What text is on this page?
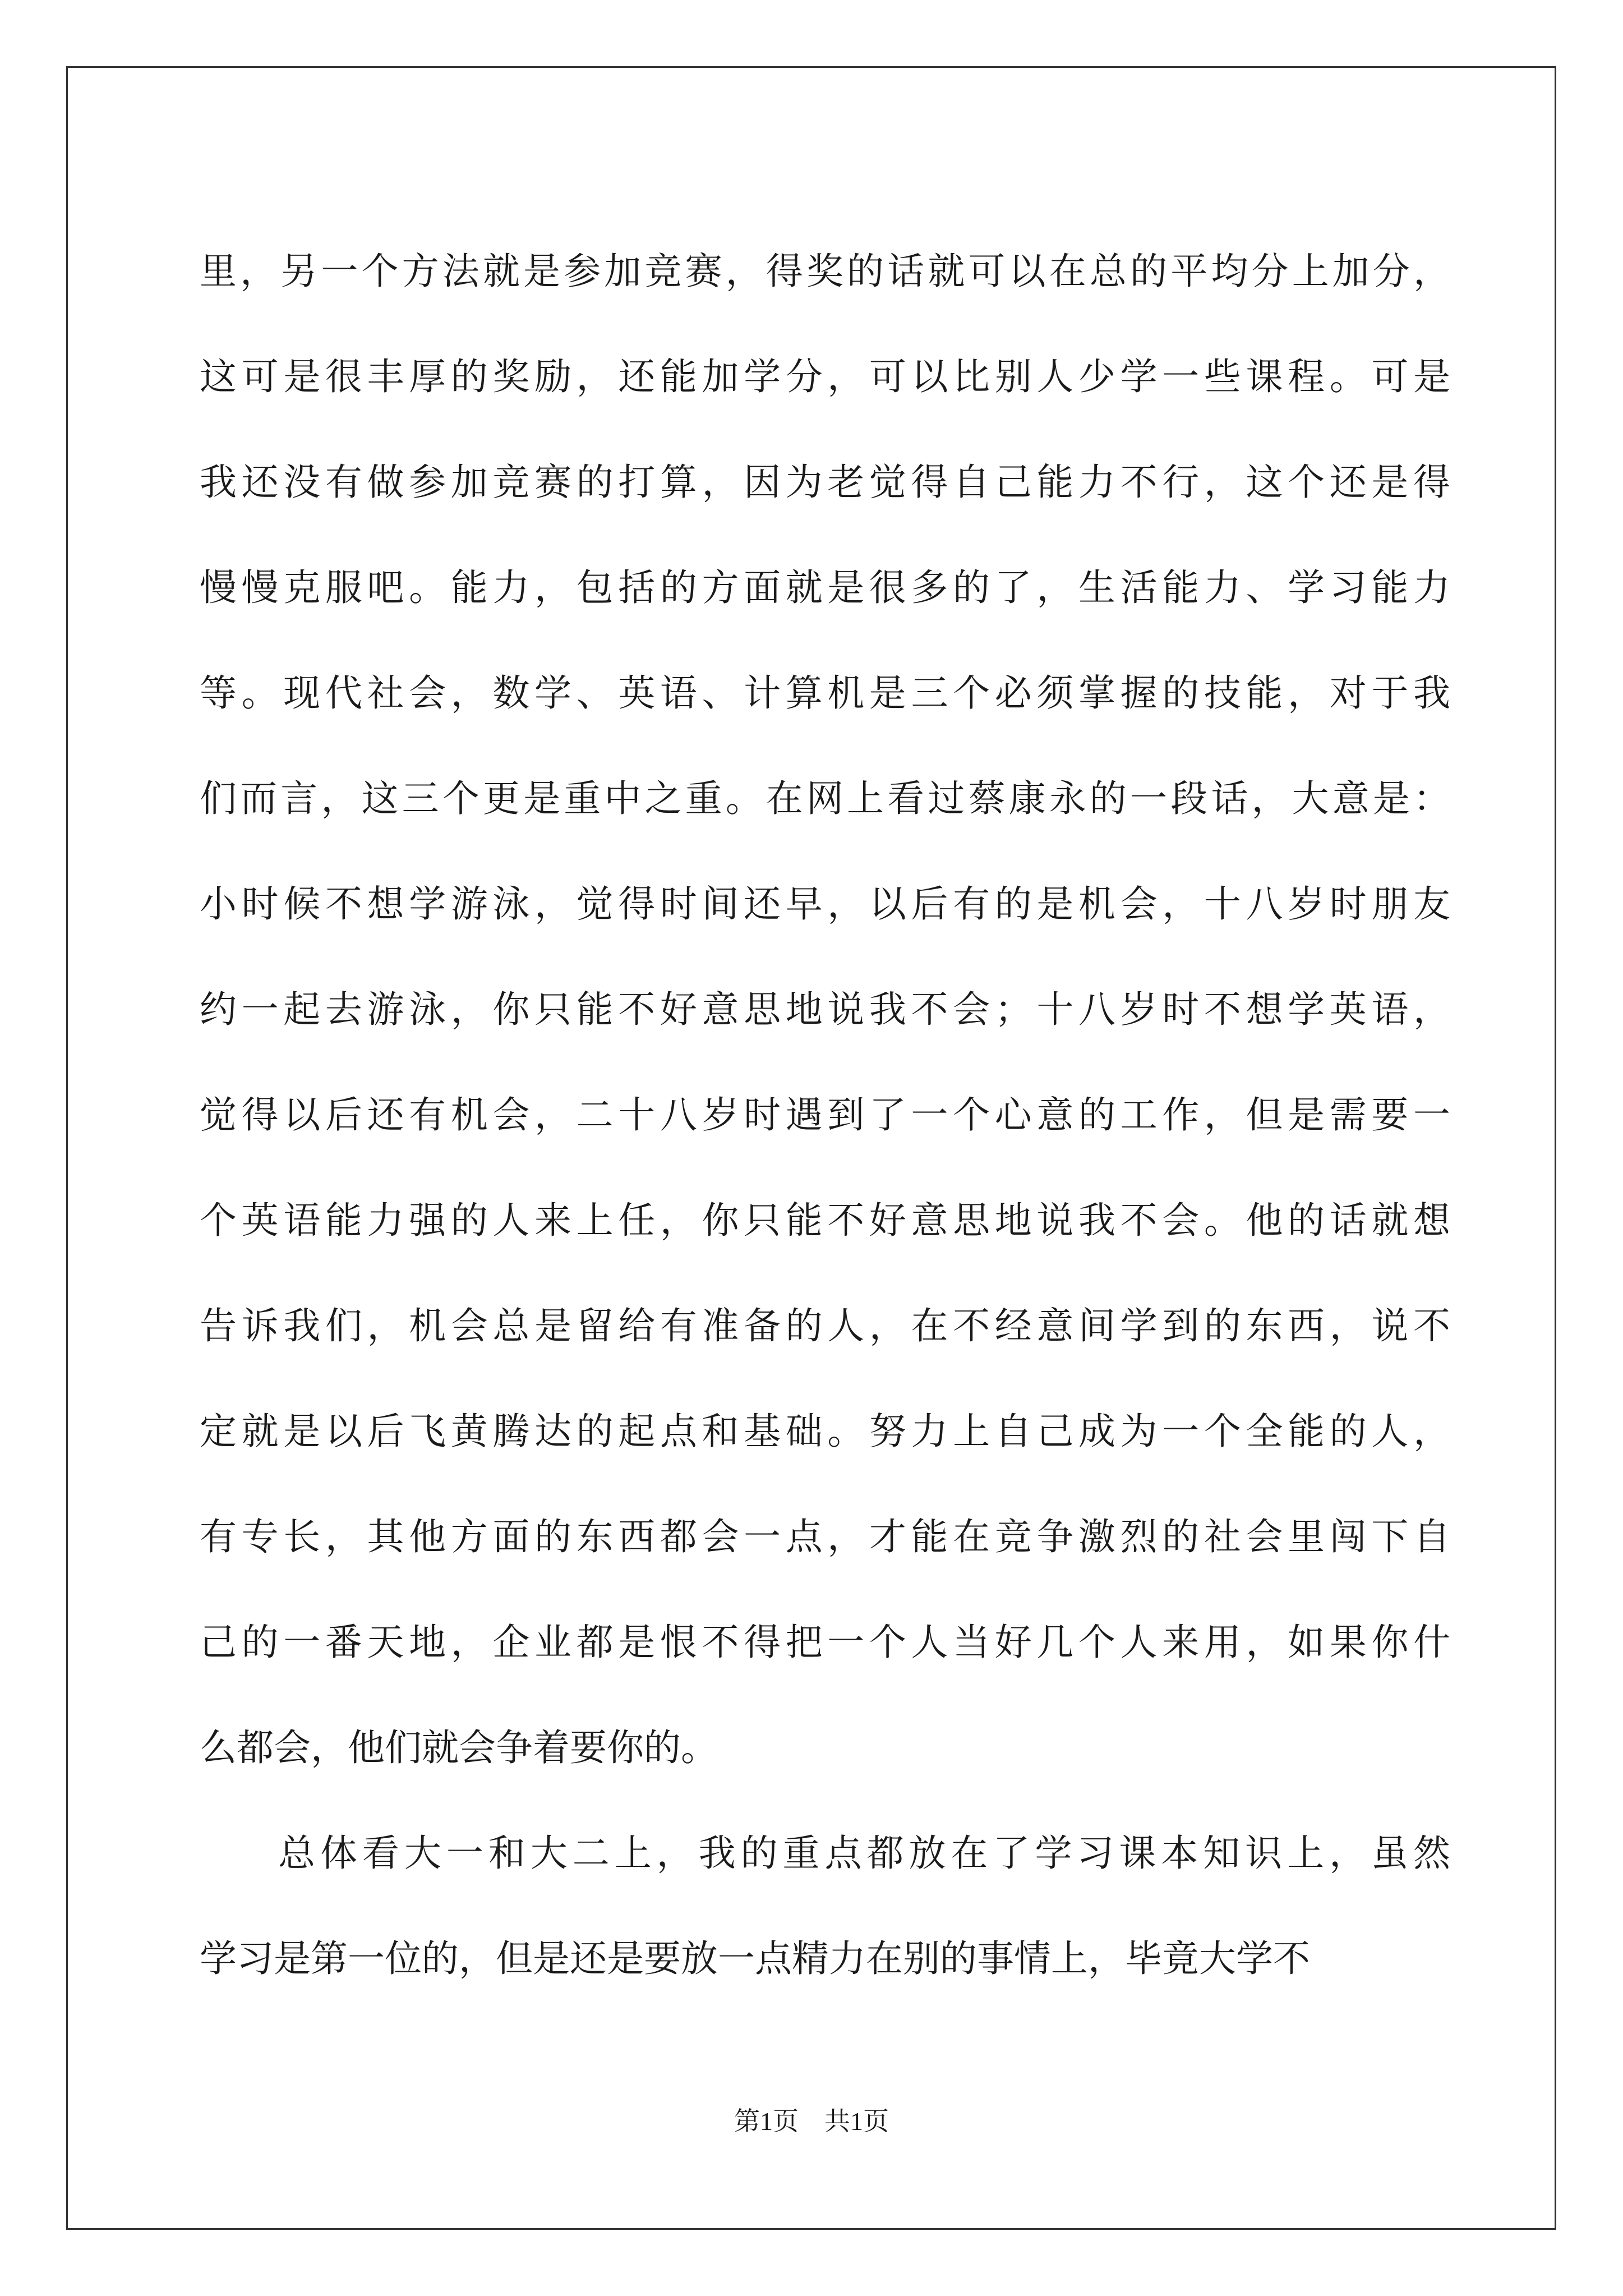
里，另一个方法就是参加竞赛，得奖的话就可以在总的平均分上加分，
这可是很丰厚的奖励，还能加学分，可以比别人少学一些课程。可是
我还没有做参加竞赛的打算，因为老觉得自己能力不行，这个还是得
慢慢克服吧。能力，包括的方面就是很多的了，生活能力、学习能力
等。现代社会，数学、英语、计算机是三个必须掌握的技能，对于我
们而言，这三个更是重中之重。在网上看过蔡康永的一段话，大意是：
小时候不想学游泳，觉得时间还早，以后有的是机会，十八岁时朋友
约一起去游泳，你只能不好意思地说我不会；十八岁时不想学英语，
觉得以后还有机会，二十八岁时遇到了一个心意的工作，但是需要一
个英语能力强的人来上任，你只能不好意思地说我不会。他的话就想
告诉我们，机会总是留给有准备的人，在不经意间学到的东西，说不
定就是以后飞黄腾达的起点和基础。努力上自己成为一个全能的人，
有专长，其他方面的东西都会一点，才能在竞争激烈的社会里闯下自
己的一番天地，企业都是恨不得把一个人当好几个人来用，如果你什
么都会，他们就会争着要你的。
总体看大一和大二上，我的重点都放在了学习课本知识上，虽然
学习是第一位的，但是还是要放一点精力在别的事情上，毕竟大学不
第1页　共1页
